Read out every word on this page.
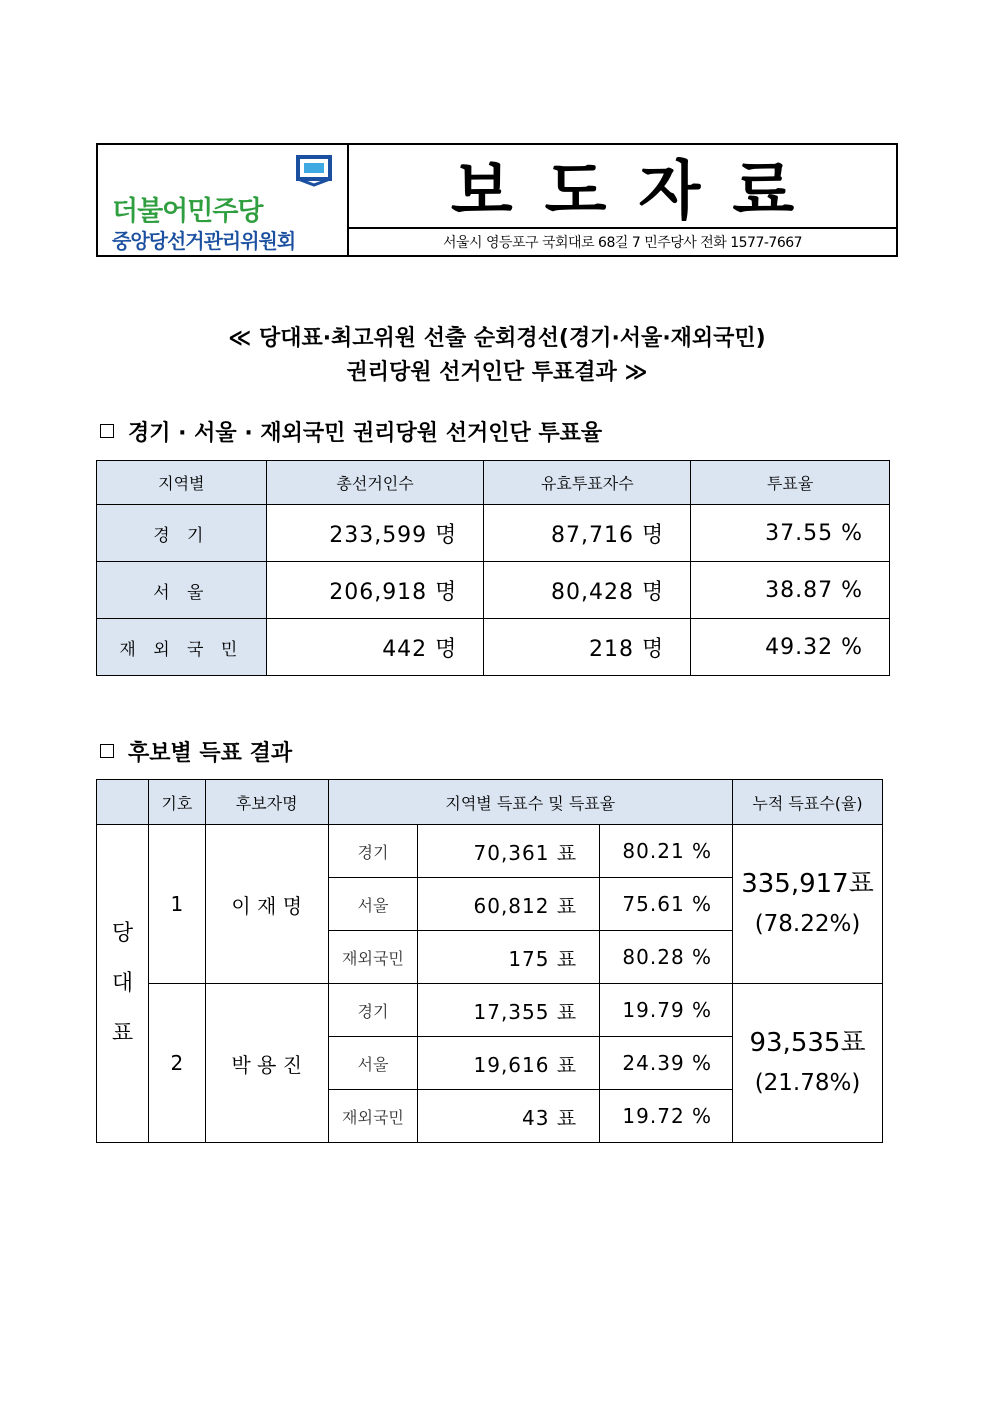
더불어민주당
중앙당선거관리위원회
보도자료
서울시 영등포구 국회대로 68길 7 민주당사 전화 1577-7667
≪ 당대표·최고위원 선출 순회경선(경기·서울·재외국민)
권리당원 선거인단 투표결과 ≫
경기 · 서울 · 재외국민 권리당원 선거인단 투표율
지역별	총선거인수	유효투표자수	투표율
경 기	233,599 명	87,716 명	37.55 %
서 울	206,918 명	80,428 명	38.87 %
재 외 국 민	442 명	218 명	49.32 %
후보별 득표 결과
	기호	후보자명	지역별 득표수 및 득표율			누적 득표수(율)
당
대
표	1	이 재 명	경기	70,361 표	80.21 %	335,917표
(78.22%)

			서울	60,812 표	75.61 %	
			재외국민	175 표	80.28 %	
	2	박 용 진	경기	17,355 표	19.79 %	93,535표
(21.78%)

			서울	19,616 표	24.39 %	
			재외국민	43 표	19.72 %	
